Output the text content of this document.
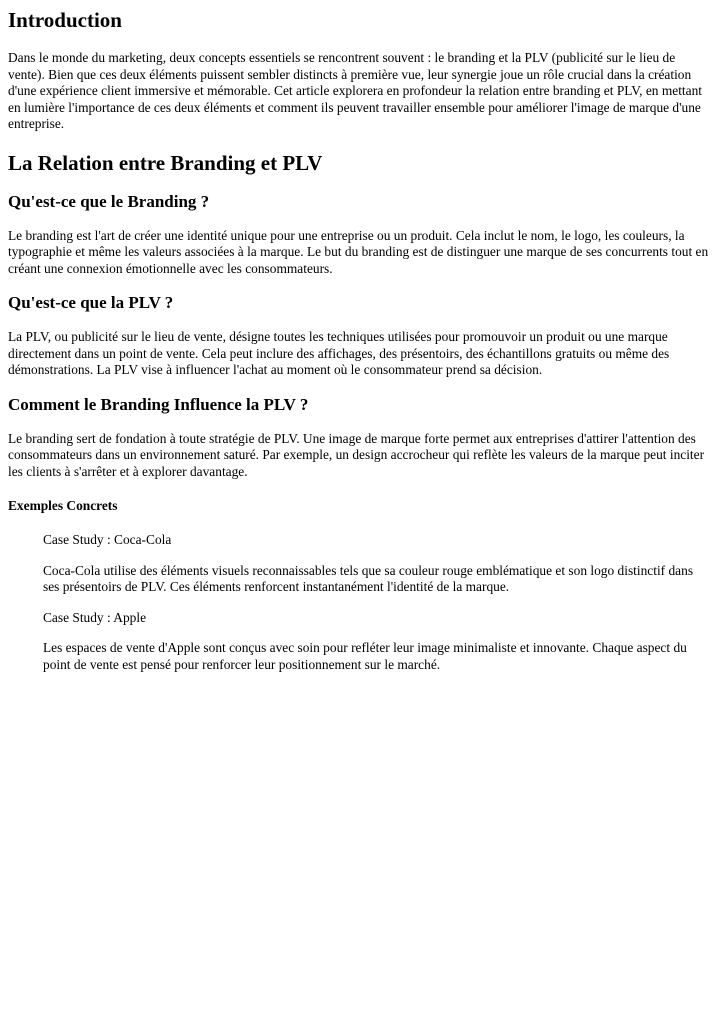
Introduction

Dans le monde du marketing, deux concepts essentiels se rencontrent souvent : le branding et la PLV (publicité sur le lieu de vente). Bien que ces deux éléments puissent sembler distincts à première vue, leur synergie joue un rôle crucial dans la création d'une expérience client immersive et mémorable. Cet article explorera en profondeur la relation entre branding et PLV, en mettant en lumière l'importance de ces deux éléments et comment ils peuvent travailler ensemble pour améliorer l'image de marque d'une entreprise.

La Relation entre Branding et PLV
Qu'est-ce que le Branding ?

Le branding est l'art de créer une identité unique pour une entreprise ou un produit. Cela inclut le nom, le logo, les couleurs, la typographie et même les valeurs associées à la marque. Le but du branding est de distinguer une marque de ses concurrents tout en créant une connexion émotionnelle avec les consommateurs.

Qu'est-ce que la PLV ?

La PLV, ou publicité sur le lieu de vente, désigne toutes les techniques utilisées pour promouvoir un produit ou une marque directement dans un point de vente. Cela peut inclure des affichages, des présentoirs, des échantillons gratuits ou même des démonstrations. La PLV vise à influencer l'achat au moment où le consommateur prend sa décision.

Comment le Branding Influence la PLV ?

Le branding sert de fondation à toute stratégie de PLV. Une image de marque forte permet aux entreprises d'attirer l'attention des consommateurs dans un environnement saturé. Par exemple, un design accrocheur qui reflète les valeurs de la marque peut inciter les clients à s'arrêter et à explorer davantage.

Exemples Concrets

Case Study : Coca-Cola

Coca-Cola utilise des éléments visuels reconnaissables tels que sa couleur rouge emblématique et son logo distinctif dans ses présentoirs de PLV. Ces éléments renforcent instantanément l'identité de la marque.

Case Study : Apple

Les espaces de vente d'Apple sont conçus avec soin pour refléter leur image minimaliste et innovante. Chaque aspect du point de vente est pensé pour renforcer leur positionnement sur le marché.
